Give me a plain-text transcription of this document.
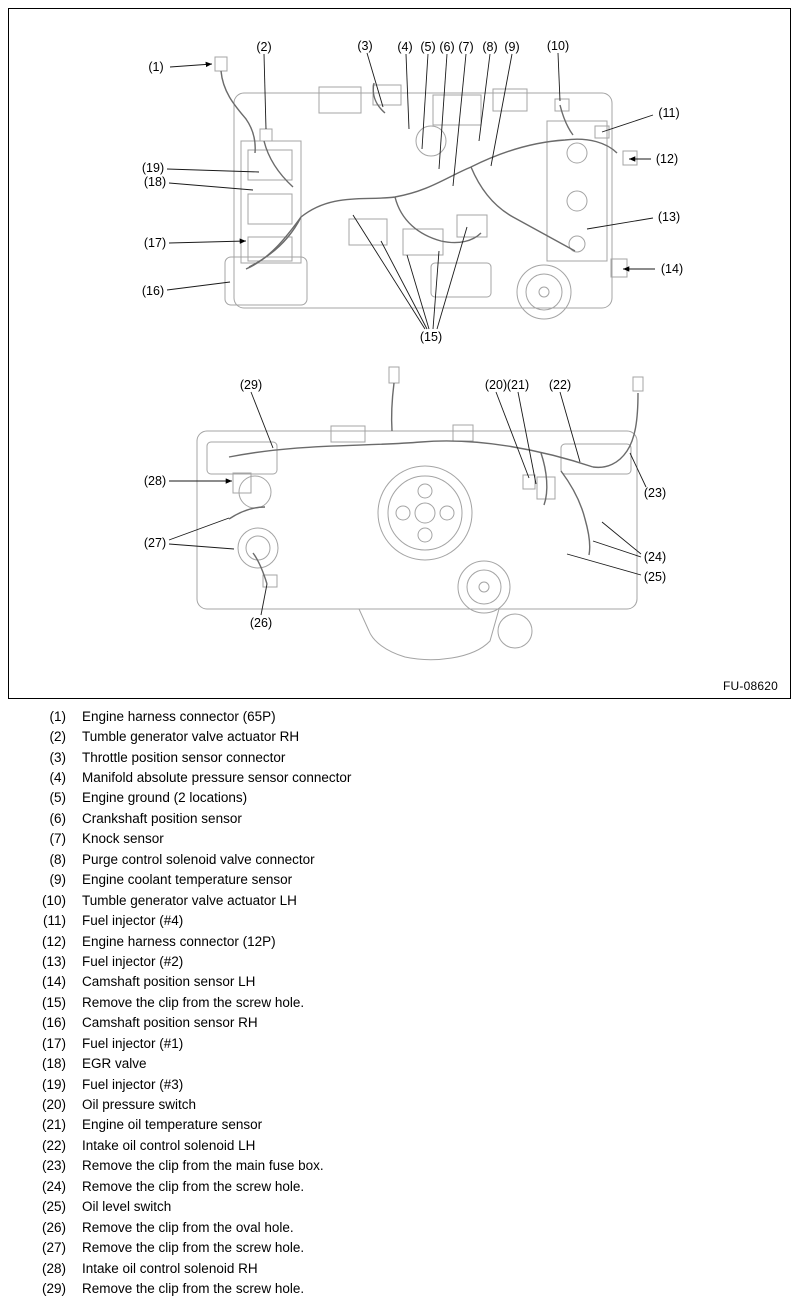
(1)
(2)	(3) (4) (5) (6) (7) (8) (9) (10)
(11)
(12)
(13)
(14)
(15)
(16)
(17)
(18)
(19)
(20) (21) (22)
(23)
(24)
(25)
(26)
(27)
(28)
(29)
FU-08620
(1) Engine harness connector (65P)
(2) Tumble generator valve actuator RH
(3) Throttle position sensor connector
(4) Manifold absolute pressure sensor connector
(5) Engine ground (2 locations)
(6) Crankshaft position sensor
(7) Knock sensor
(8) Purge control solenoid valve connector
(9) Engine coolant temperature sensor
(10) Tumble generator valve actuator LH
(11) Fuel injector (#4)
(12) Engine harness connector (12P)
(13) Fuel injector (#2)
(14) Camshaft position sensor LH
(15) Remove the clip from the screw hole.
(16) Camshaft position sensor RH
(17) Fuel injector (#1)
(18) EGR valve
(19) Fuel injector (#3)
(20) Oil pressure switch
(21) Engine oil temperature sensor
(22) Intake oil control solenoid LH
(23) Remove the clip from the main fuse box.
(24) Remove the clip from the screw hole.
(25) Oil level switch
(26) Remove the clip from the oval hole.
(27) Remove the clip from the screw hole.
(28) Intake oil control solenoid RH
(29) Remove the clip from the screw hole.
